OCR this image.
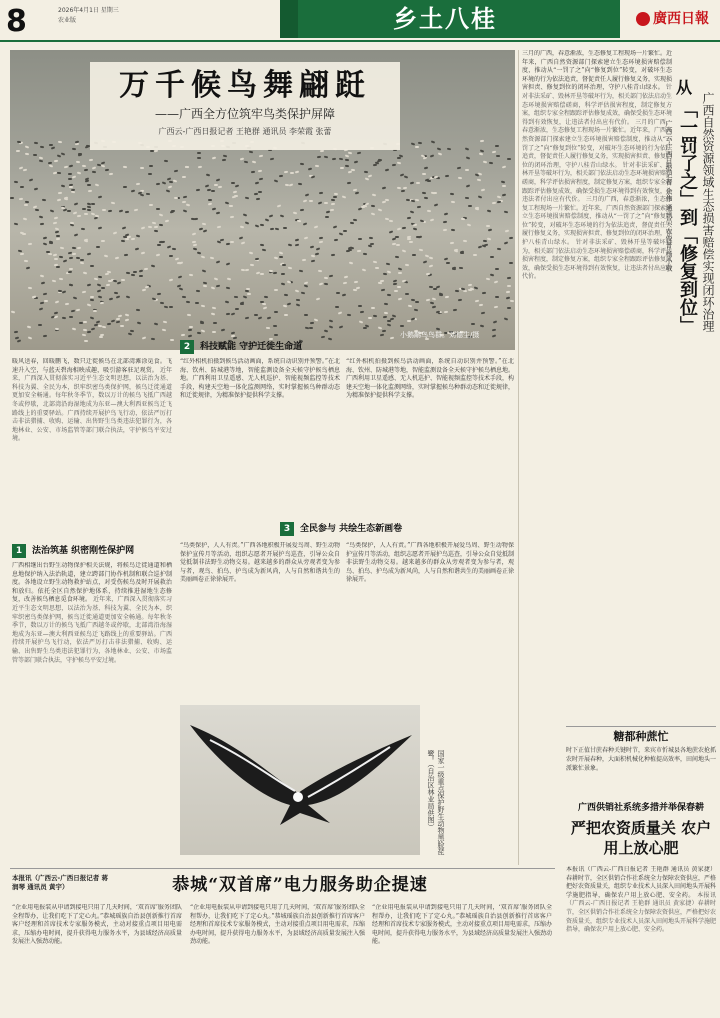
8	2026年4月1日 星期三
农业版	乡土八桂	廣西日報
万千候鸟舞翩跹
——广西全方位筑牢鸟类保护屏障
广西云-广西日报记者 王艳群 通讯员 李荣霞 张蕾
小鹅鹬鸟鸟群。刘德生/摄
暖风送春，回暖鹏飞，数只迁徙候鸟在北部湾滩涂觅食。飞速升入空，与蓝天碧海相映成趣，吸引游客驻足观赏。 近年来，广西深入贯彻落实习近平生态文明思想，以法治为基、科技为翼、全民为本，织牢织密鸟类保护网，候鸟迁徙通道更加安全畅通。每年秋冬季节，数以万计的候鸟飞抵广西越冬或停歇，北部湾沿海湿地成为东亚—澳大利西亚候鸟迁飞路线上的重要驿站。广西持续开展护鸟飞行动，依法严厉打击非法猎捕、收购、运输、出售野生鸟类违法犯罪行为，各地林业、公安、市场监管等部门联合执法，守护候鸟平安过境。
1 法治筑基 织密刚性保护网
广西相继出台野生动物保护相关法规，将候鸟迁徙通道和栖息地保护纳入法治轨道，建立跨部门协作机制和联合巡护制度。各地设立野生动物救护站点，对受伤候鸟及时开展救治和放归。依托全区自然保护地体系，持续推进湿地生态修复，改善候鸟栖息觅食环境。 近年来，广西深入贯彻落实习近平生态文明思想，以法治为基、科技为翼、全民为本，织牢织密鸟类保护网，候鸟迁徙通道更加安全畅通。每年秋冬季节，数以万计的候鸟飞抵广西越冬或停歇，北部湾沿海湿地成为东亚—澳大利西亚候鸟迁飞路线上的重要驿站。广西持续开展护鸟飞行动，依法严厉打击非法猎捕、收购、运输、出售野生鸟类违法犯罪行为，各地林业、公安、市场监管等部门联合执法，守护候鸟平安过境。
2 科技赋能 守护迁徙生命道
“红外相机拍摄到候鸟活动画面，系统自动识别并预警。”在北海、钦州、防城港等地，智能监测设备全天候守护候鸟栖息地。广西利用卫星遥感、无人机巡护、智能视频监控等技术手段，构建天空地一体化监测网络，实时掌握候鸟种群动态和迁徙规律，为精准保护提供科学支撑。
“红外相机拍摄到候鸟活动画面，系统自动识别并预警。”在北海、钦州、防城港等地，智能监测设备全天候守护候鸟栖息地。广西利用卫星遥感、无人机巡护、智能视频监控等技术手段，构建天空地一体化监测网络，实时掌握候鸟种群动态和迁徙规律，为精准保护提供科学支撑。
3 全民参与 共绘生态新画卷
“鸟类保护，人人有责。”广西各地积极开展爱鸟周、野生动物保护宣传月等活动，组织志愿者开展护鸟巡查，引导公众自觉抵制非法野生动物交易。越来越多的群众从旁观者变为参与者，观鸟、拍鸟、护鸟成为新风尚，人与自然和谐共生的美丽画卷正徐徐展开。
“鸟类保护，人人有责。”广西各地积极开展爱鸟周、野生动物保护宣传月等活动，组织志愿者开展护鸟巡查，引导公众自觉抵制非法野生动物交易。越来越多的群众从旁观者变为参与者，观鸟、拍鸟、护鸟成为新风尚，人与自然和谐共生的美丽画卷正徐徐展开。
国家一级重点保护野生动物黑脸琵鹭。（自治区林业局供图）
三月的广西，春意渐浓，生态修复工程现场一片繁忙。近年来，广西自然资源部门探索建立生态环境损害赔偿制度，推动从“一罚了之”向“修复到位”转变，对破坏生态环境的行为依法追责，督促责任人履行修复义务，实现损害担责、修复到位的闭环治理，守护八桂青山绿水。 针对非法采矿、毁林开垦等破坏行为，相关部门依法启动生态环境损害赔偿磋商，科学评估损害程度，制定修复方案，组织专家全程跟踪评估修复成效，确保受损生态环境得到有效恢复，让违法者付出应有代价。 三月的广西，春意渐浓，生态修复工程现场一片繁忙。近年来，广西自然资源部门探索建立生态环境损害赔偿制度，推动从“一罚了之”向“修复到位”转变，对破坏生态环境的行为依法追责，督促责任人履行修复义务，实现损害担责、修复到位的闭环治理，守护八桂青山绿水。 针对非法采矿、毁林开垦等破坏行为，相关部门依法启动生态环境损害赔偿磋商，科学评估损害程度，制定修复方案，组织专家全程跟踪评估修复成效，确保受损生态环境得到有效恢复，让违法者付出应有代价。 三月的广西，春意渐浓，生态修复工程现场一片繁忙。近年来，广西自然资源部门探索建立生态环境损害赔偿制度，推动从“一罚了之”向“修复到位”转变，对破坏生态环境的行为依法追责，督促责任人履行修复义务，实现损害担责、修复到位的闭环治理，守护八桂青山绿水。 针对非法采矿、毁林开垦等破坏行为，相关部门依法启动生态环境损害赔偿磋商，科学评估损害程度，制定修复方案，组织专家全程跟踪评估修复成效，确保受损生态环境得到有效恢复，让违法者付出应有代价。
从
「一罚了之」到「修复到位」 广西自然资源领域生态损害赔偿实现闭环治理
广西云-广西日报记者 余伟 通讯员 农俊菁 杨小敏
糖都种蔗忙
时下正值甘蔗春种关键时节，来宾市忻城县各地蔗农抢抓农时开展春种，大面积机械化种植提高效率，田间地头一派繁忙景象。
广西供销社系统多措并举保春耕
严把农资质量关 农户用上放心肥
本报讯（广西云-广西日报记者 王艳群 通讯员 黄家捷）春耕时节，全区供销合作社系统全力保障农资供应，严格把好农资质量关，组织专业技术人员深入田间地头开展科学施肥指导，确保农户用上放心肥、安全药。 本报讯（广西云-广西日报记者 王艳群 通讯员 黄家捷）春耕时节，全区供销合作社系统全力保障农资供应，严格把好农资质量关，组织专业技术人员深入田间地头开展科学施肥指导，确保农户用上放心肥、安全药。
恭城“双首席”电力服务助企提速
本报讯（广西云-广西日报记者 蒋润琴 通讯员 黄宇）
“企业用电报装从申请到接电只用了几天时间，‘双首席’服务团队全程帮办，让我们吃下了定心丸。”恭城瑶族自治县创新推行首席客户经理和首席技术专家服务模式，主动对接重点项目用电需求，压缩办电时间，提升获得电力服务水平，为县域经济高质量发展注入强劲动能。
“企业用电报装从申请到接电只用了几天时间，‘双首席’服务团队全程帮办，让我们吃下了定心丸。”恭城瑶族自治县创新推行首席客户经理和首席技术专家服务模式，主动对接重点项目用电需求，压缩办电时间，提升获得电力服务水平，为县域经济高质量发展注入强劲动能。
“企业用电报装从申请到接电只用了几天时间，‘双首席’服务团队全程帮办，让我们吃下了定心丸。”恭城瑶族自治县创新推行首席客户经理和首席技术专家服务模式，主动对接重点项目用电需求，压缩办电时间，提升获得电力服务水平，为县域经济高质量发展注入强劲动能。
